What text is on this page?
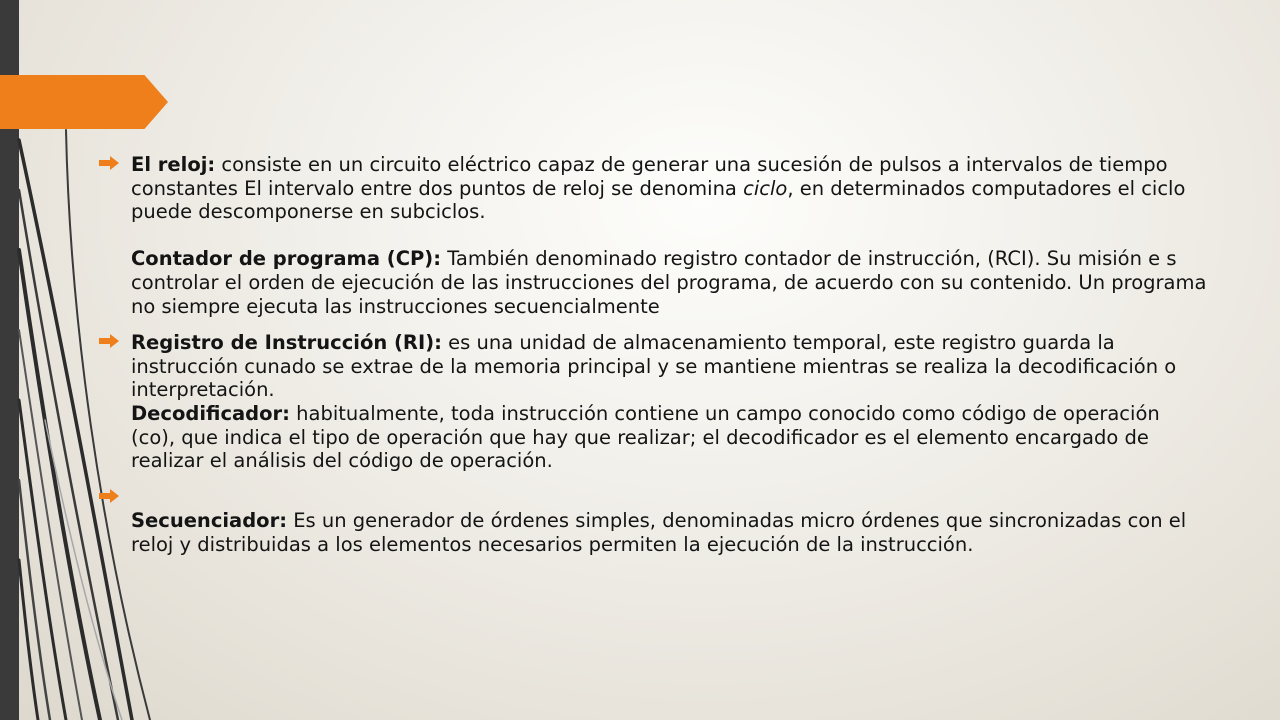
El reloj: consiste en un circuito eléctrico capaz de generar una sucesión de pulsos a intervalos de tiempo constantes El intervalo entre dos puntos de reloj se denomina ciclo, en determinados computadores el ciclo puede descomponerse en subciclos.

Contador de programa (CP): También denominado registro contador de instrucción, (RCI). Su misión e s controlar el orden de ejecución de las instrucciones del programa, de acuerdo con su contenido. Un programa no siempre ejecuta las instrucciones secuencialmente

Registro de Instrucción (RI): es una unidad de almacenamiento temporal, este registro guarda la instrucción cunado se extrae de la memoria principal y se mantiene mientras se realiza la decodificación o interpretación.

Decodificador: habitualmente, toda instrucción contiene un campo conocido como código de operación (co), que indica el tipo de operación que hay que realizar; el decodificador es el elemento encargado de realizar el análisis del código de operación.

Secuenciador: Es un generador de órdenes simples, denominadas micro órdenes que sincronizadas con el reloj y distribuidas a los elementos necesarios permiten la ejecución de la instrucción.
